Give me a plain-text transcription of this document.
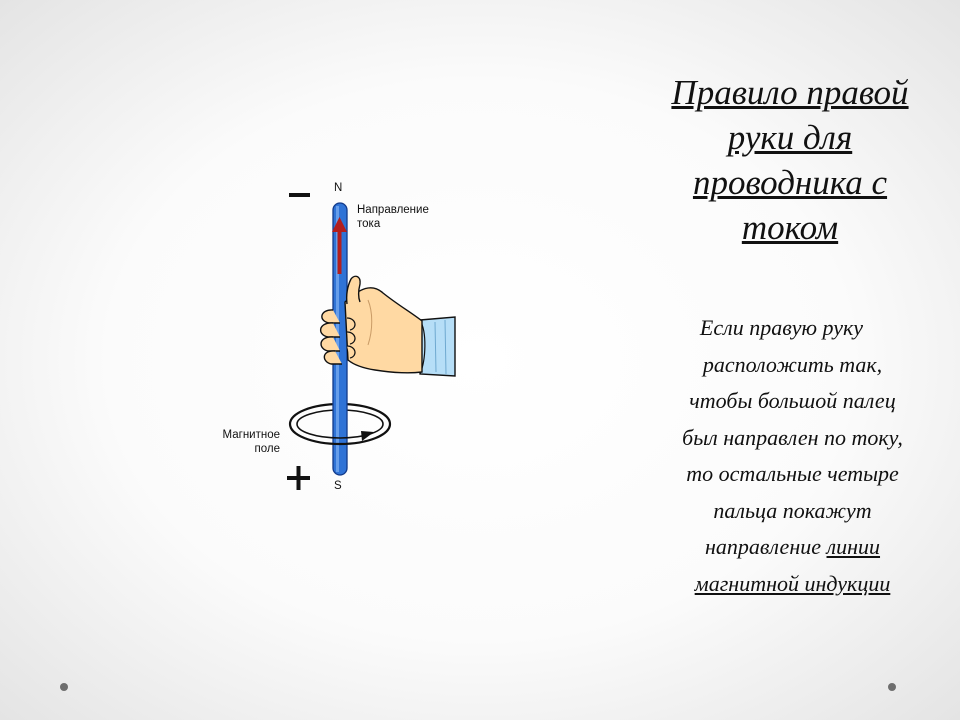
N
S
Направление
тока
Магнитное
поле
Правило правой
руки для
проводника с
током
Если правую руку
расположить так,
чтобы большой палец
был направлен по току,
то остальные четыре
пальца покажут
направление линии
магнитной индукции
